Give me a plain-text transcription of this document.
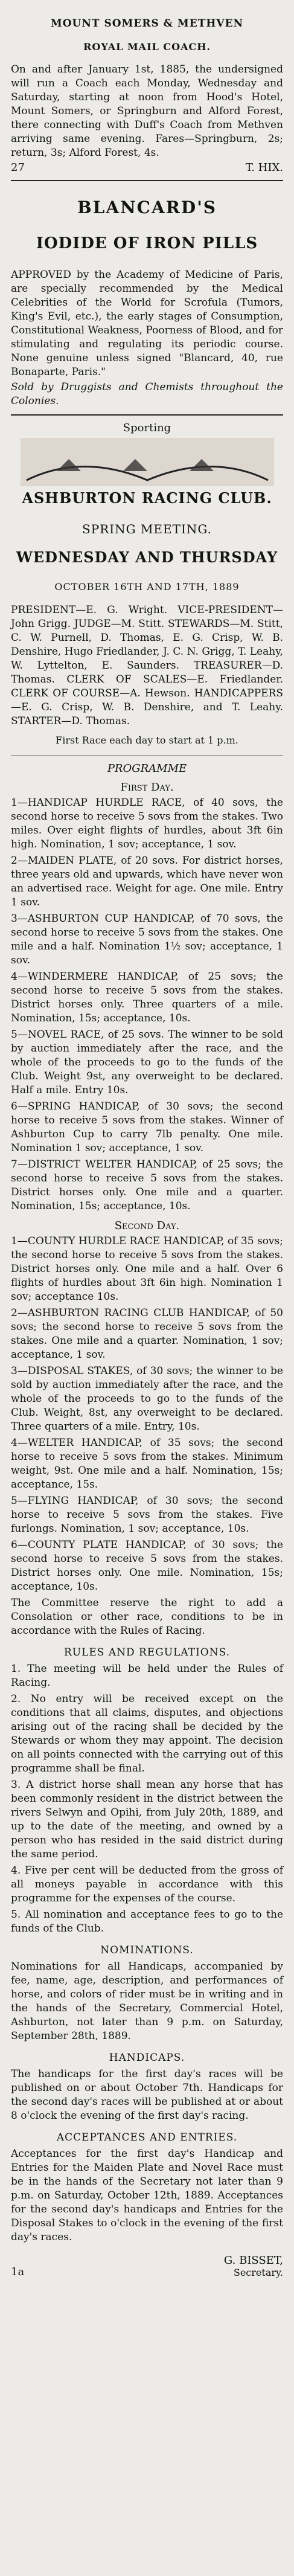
MOUNT SOMERS & METHVEN

ROYAL MAIL COACH.

On and after January 1st, 1885, the undersigned will run a Coach each Monday, Wednesday and Saturday, starting at noon from Hood's Hotel, Mount Somers, or Springburn and Alford Forest, there connecting with Duff's Coach from Methven arriving same evening. Fares—Springburn, 2s; return, 3s; Alford Forest, 4s.

27	T. HIX.

BLANCARD'S

IODIDE OF IRON PILLS

APPROVED by the Academy of Medicine of Paris, are specially recommended by the Medical Celebrities of the World for Scrofula (Tumors, King's Evil, etc.), the early stages of Consumption, Constitutional Weakness, Poorness of Blood, and for stimulating and regulating its periodic course. None genuine unless signed "Blancard, 40, rue Bonaparte, Paris."

Sold by Druggists and Chemists throughout the Colonies.

Sporting

ASHBURTON RACING CLUB.

SPRING MEETING.

WEDNESDAY AND THURSDAY

OCTOBER 16TH AND 17TH, 1889

PRESIDENT—E. G. Wright. VICE-PRESIDENT—John Grigg. JUDGE—M. Stitt. STEWARDS—M. Stitt, C. W. Purnell, D. Thomas, E. G. Crisp, W. B. Denshire, Hugo Friedlander, J. C. N. Grigg, T. Leahy, W. Lyttelton, E. Saunders. TREASURER—D. Thomas. CLERK OF SCALES—E. Friedlander. CLERK OF COURSE—A. Hewson. HANDICAPPERS—E. G. Crisp, W. B. Denshire, and T. Leahy. STARTER—D. Thomas.

First Race each day to start at 1 p.m.

PROGRAMME

First Day.

1—HANDICAP HURDLE RACE, of 40 sovs, the second horse to receive 5 sovs from the stakes. Two miles. Over eight flights of hurdles, about 3ft 6in high. Nomination, 1 sov; acceptance, 1 sov.

2—MAIDEN PLATE, of 20 sovs. For district horses, three years old and upwards, which have never won an advertised race. Weight for age. One mile. Entry 1 sov.

3—ASHBURTON CUP HANDICAP, of 70 sovs, the second horse to receive 5 sovs from the stakes. One mile and a half. Nomination 1½ sov; acceptance, 1 sov.

4—WINDERMERE HANDICAP, of 25 sovs; the second horse to receive 5 sovs from the stakes. District horses only. Three quarters of a mile. Nomination, 15s; acceptance, 10s.

5—NOVEL RACE, of 25 sovs. The winner to be sold by auction immediately after the race, and the whole of the proceeds to go to the funds of the Club. Weight 9st, any overweight to be declared. Half a mile. Entry 10s.

6—SPRING HANDICAP, of 30 sovs; the second horse to receive 5 sovs from the stakes. Winner of Ashburton Cup to carry 7lb penalty. One mile. Nomination 1 sov; acceptance, 1 sov.

7—DISTRICT WELTER HANDICAP, of 25 sovs; the second horse to receive 5 sovs from the stakes. District horses only. One mile and a quarter. Nomination, 15s; acceptance, 10s.

Second Day.

1—COUNTY HURDLE RACE HANDICAP, of 35 sovs; the second horse to receive 5 sovs from the stakes. District horses only. One mile and a half. Over 6 flights of hurdles about 3ft 6in high. Nomination 1 sov; acceptance 10s.

2—ASHBURTON RACING CLUB HANDICAP, of 50 sovs; the second horse to receive 5 sovs from the stakes. One mile and a quarter. Nomination, 1 sov; acceptance, 1 sov.

3—DISPOSAL STAKES, of 30 sovs; the winner to be sold by auction immediately after the race, and the whole of the proceeds to go to the funds of the Club. Weight, 8st, any overweight to be declared. Three quarters of a mile. Entry, 10s.

4—WELTER HANDICAP, of 35 sovs; the second horse to receive 5 sovs from the stakes. Minimum weight, 9st. One mile and a half. Nomination, 15s; acceptance, 15s.

5—FLYING HANDICAP, of 30 sovs; the second horse to receive 5 sovs from the stakes. Five furlongs. Nomination, 1 sov; acceptance, 10s.

6—COUNTY PLATE HANDICAP, of 30 sovs; the second horse to receive 5 sovs from the stakes. District horses only. One mile. Nomination, 15s; acceptance, 10s.

The Committee reserve the right to add a Consolation or other race, conditions to be in accordance with the Rules of Racing.

RULES AND REGULATIONS.

1. The meeting will be held under the Rules of Racing.

2. No entry will be received except on the conditions that all claims, disputes, and objections arising out of the racing shall be decided by the Stewards or whom they may appoint. The decision on all points connected with the carrying out of this programme shall be final.

3. A district horse shall mean any horse that has been commonly resident in the district between the rivers Selwyn and Opihi, from July 20th, 1889, and up to the date of the meeting, and owned by a person who has resided in the said district during the same period.

4. Five per cent will be deducted from the gross of all moneys payable in accordance with this programme for the expenses of the course.

5. All nomination and acceptance fees to go to the funds of the Club.

NOMINATIONS.

Nominations for all Handicaps, accompanied by fee, name, age, description, and performances of horse, and colors of rider must be in writing and in the hands of the Secretary, Commercial Hotel, Ashburton, not later than 9 p.m. on Saturday, September 28th, 1889.

HANDICAPS.

The handicaps for the first day's races will be published on or about October 7th. Handicaps for the second day's races will be published at or about 8 o'clock the evening of the first day's racing.

ACCEPTANCES AND ENTRIES.

Acceptances for the first day's Handicap and Entries for the Maiden Plate and Novel Race must be in the hands of the Secretary not later than 9 p.m. on Saturday, October 12th, 1889. Acceptances for the second day's handicaps and Entries for the Disposal Stakes to o'clock in the evening of the first day's races.

1a
G. BISSET,
Secretary.
